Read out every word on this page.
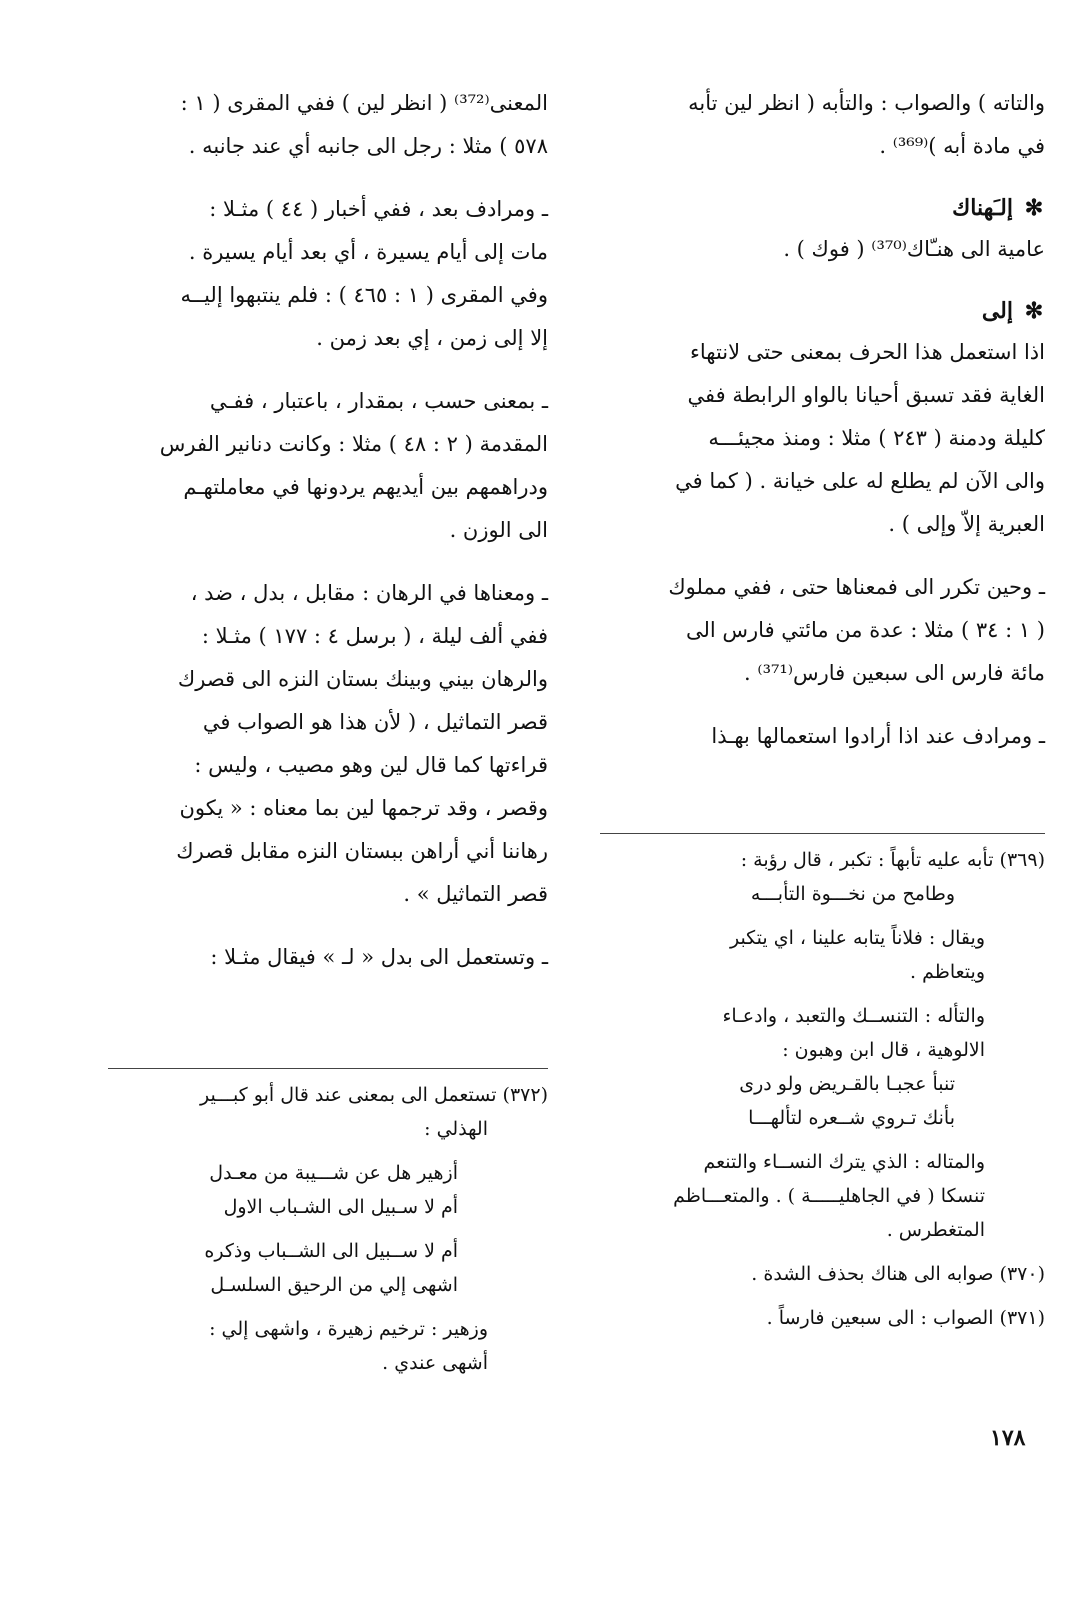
والتاته ) والصواب : والتأبه ( انظر لين تأبه
في مادة أبه )⁽³⁶⁹⁾ .
✻
إلـَهناك
عامية الى هنـّاك⁽³⁷⁰⁾ ( فوك ) .
✻
إلى
اذا استعمل هذا الحرف بمعنى حتى لانتهاء
الغاية فقد تسبق أحيانا بالواو الرابطة ففي
كليلة ودمنة ( ٢٤٣ ) مثلا : ومنذ مجيئـــه
والى الآن لم يطلع له على خيانة . ( كما في
العبرية إلاّ وإلى ) .
ـ وحين تكرر الى فمعناها حتى ، ففي مملوك
( ١ : ٣٤ ) مثلا : عدة من مائتي فارس الى
مائة فارس الى سبعين فارس⁽³⁷¹⁾ .
ـ ومرادف عند اذا أرادوا استعمالها بهـذا
(٣٦٩) تأبه عليه تأبهاً : تكبر ، قال رؤبة :
وطامح من نخـــوة التأبـــه
ويقال : فلاناً يتابه علينا ، اي يتكبر
ويتعاظم .
والتأله : التنســك والتعبد ، وادعـاء
الالوهية ، قال ابن وهبون :
تنبأ عجبـا بالقـريض ولو درى
بأنك تـروي شــعره لتألهـــا
والمتاله : الذي يترك النســاء والتنعم
تنسكا ( في الجاهليـــــة ) . والمتعـــاظم
المتغطرس .
(٣٧٠) صوابه الى هناك بحذف الشدة .
(٣٧١) الصواب : الى سبعين فارساً .
المعنى⁽³⁷²⁾ ( انظر لين ) ففي المقرى ( ١ :
٥٧٨ ) مثلا : رجل الى جانبه أي عند جانبه .
ـ ومرادف بعد ، ففي أخبار ( ٤٤ ) مثـلا :
مات إلى أيام يسيرة ، أي بعد أيام يسيرة .
وفي المقرى ( ١ : ٤٦٥ ) : فلم ينتبهوا إليــه
إلا إلى زمن ، إي بعد زمن .
ـ بمعنى حسب ، بمقدار ، باعتبار ، ففـي
المقدمة ( ٢ : ٤٨ ) مثلا : وكانت دنانير الفرس
ودراهمهم بين أيديهم يردونها في معاملتهـم
الى الوزن .
ـ ومعناها في الرهان : مقابل ، بدل ، ضد ،
ففي ألف ليلة ، ( برسل ٤ : ١٧٧ ) مثـلا :
والرهان بيني وبينك بستان النزه الى قصرك
قصر التماثيل ، ( لأن هذا هو الصواب في
قراءتها كما قال لين وهو مصيب ، وليس :
وقصر ، وقد ترجمها لين بما معناه : « يكون
رهاننا أني أراهن ببستان النزه مقابل قصرك
قصر التماثيل » .
ـ وتستعمل الى بدل « لـ » فيقال مثـلا :
(٣٧٢) تستعمل الى بمعنى عند قال أبو كبـــير
الهذلي :
أزهير هل عن شـــيبة من معـدل
أم لا سـبيل الى الشـباب الاول
أم لا ســبيل الى الشــباب وذكره
اشهى إلي من الرحيق السلسـل
وزهير : ترخيم زهيرة ، واشهى إلي :
أشهى عندي .
١٧٨
